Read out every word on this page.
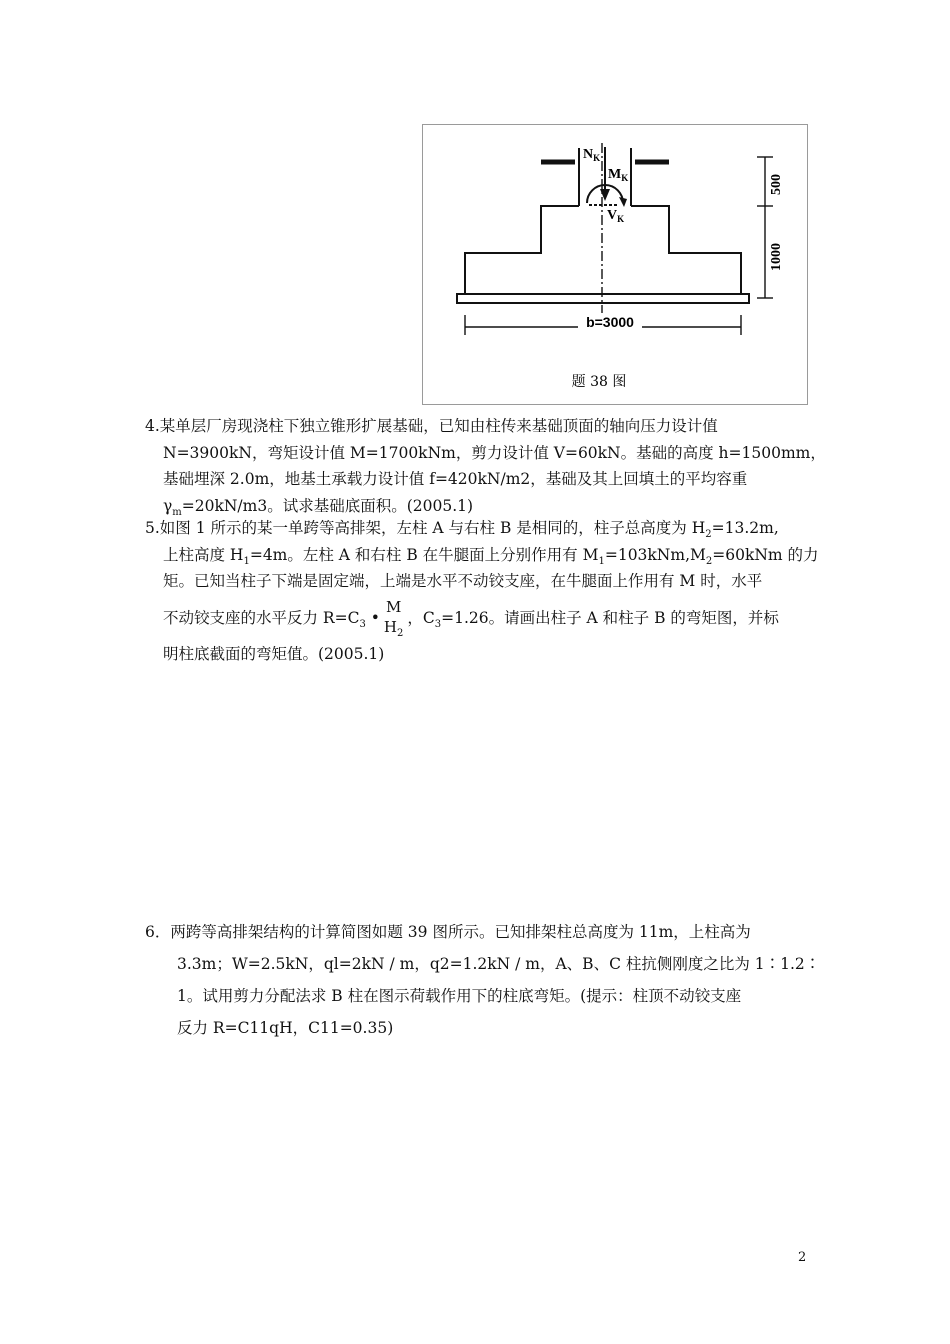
$N_K$
$M_K$
$V_K$
500
1000
b=3000
题 38 图
4.某单层厂房现浇柱下独立锥形扩展基础，已知由柱传来基础顶面的轴向压力设计值
N=3900kN，弯矩设计值 M=1700kNm，剪力设计值 V=60kN。基础的高度 h=1500mm，
基础埋深 2.0m，地基土承载力设计值 f=420kN/m2，基础及其上回填土的平均容重
$\gamma_m=20kN/m3$。试求基础底面积。(2005.1)
5.如图 1 所示的某一单跨等高排架，左柱 A 与右柱 B 是相同的，柱子总高度为 $H_2=13.2m$,
上柱高度 $H_1=4m$。左柱 A 和右柱 B 在牛腿面上分别作用有 $M_1=103kNm,M_2=60kNm$ 的力
矩。已知当柱子下端是固定端，上端是水平不动铰支座，在牛腿面上作用有 M 时，水平
不动铰支座的水平反力 $R=C_3$ •
M
$H_2$
，$C_3=1.26$。请画出柱子 A 和柱子 B 的弯矩图，并标
明柱底截面的弯矩值。(2005.1)
6．两跨等高排架结构的计算简图如题 39 图所示。已知排架柱总高度为 11m，上柱高为
3.3m；W=2.5kN，ql=2kN / m，q2=1.2kN / m，A、B、C 柱抗侧刚度之比为 1∶1.2∶
1。试用剪力分配法求 B 柱在图示荷载作用下的柱底弯矩。(提示：柱顶不动铰支座
反力 R=C11qH，C11=0.35)
2
